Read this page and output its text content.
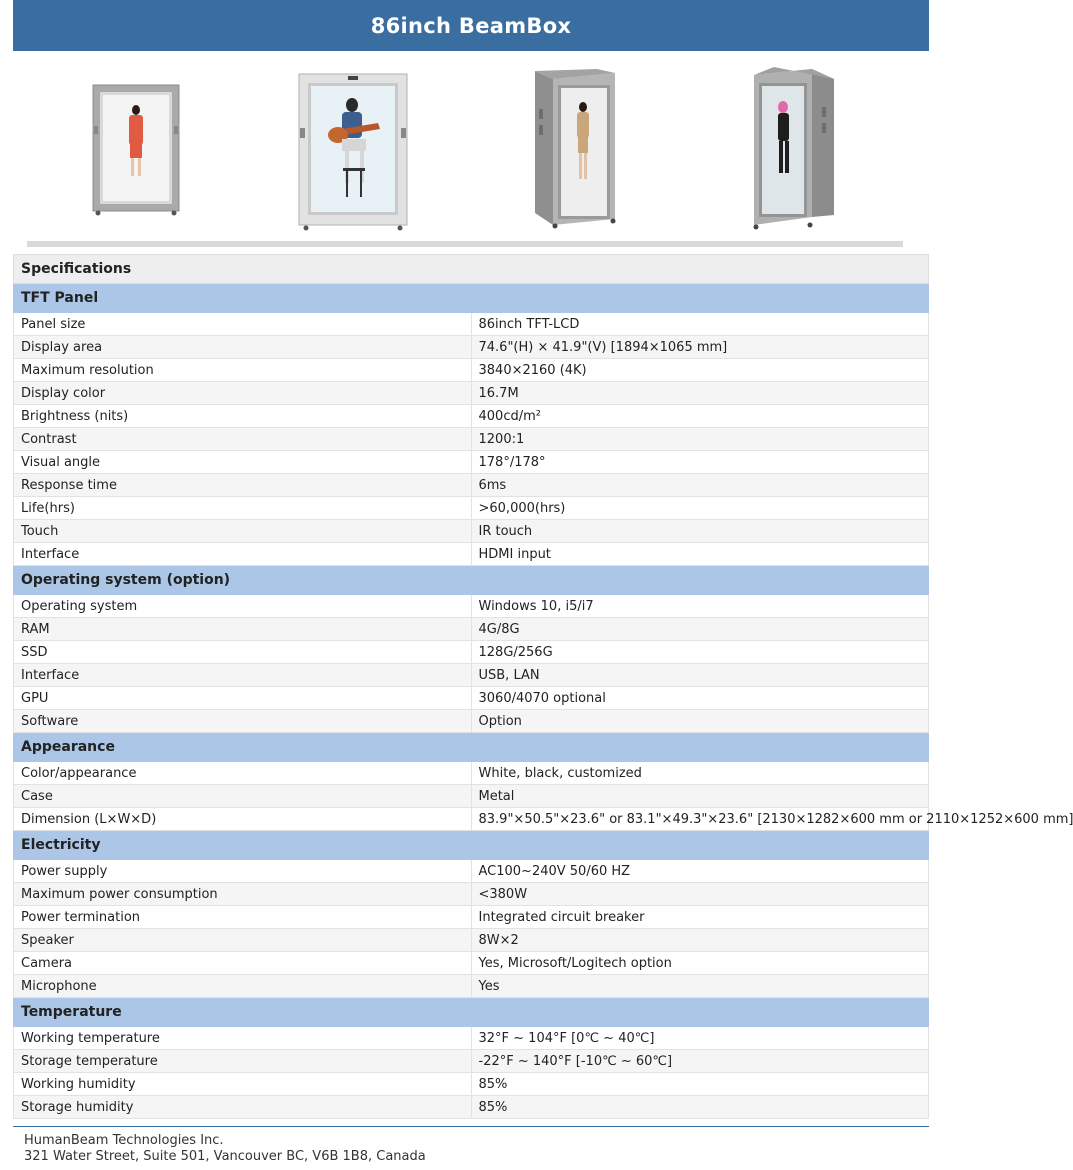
86inch BeamBox
Specifications	
TFT Panel	
Panel size	86inch TFT-LCD
Display area	74.6"(H) × 41.9"(V) [1894×1065 mm]
Maximum resolution	3840×2160 (4K)
Display color	16.7M
Brightness (nits)	400cd/m²
Contrast	1200:1
Visual angle	178°/178°
Response time	6ms
Life(hrs)	>60,000(hrs)
Touch	IR touch
Interface	HDMI input
Operating system (option)	
Operating system	Windows 10, i5/i7
RAM	4G/8G
SSD	128G/256G
Interface	USB, LAN
GPU	3060/4070 optional
Software	Option
Appearance	
Color/appearance	White, black, customized
Case	Metal
Dimension (L×W×D)	83.9"×50.5"×23.6" or 83.1"×49.3"×23.6" [2130×1282×600 mm or 2110×1252×600 mm]
Electricity	
Power supply	AC100~240V 50/60 HZ
Maximum power consumption	<380W
Power termination	Integrated circuit breaker
Speaker	8W×2
Camera	Yes, Microsoft/Logitech option
Microphone	Yes
Temperature	
Working temperature	32°F ~ 104°F [0℃ ~ 40℃]
Storage temperature	-22°F ~ 140°F [-10℃ ~ 60℃]
Working humidity	85%
Storage humidity	85%
HumanBeam Technologies Inc.
321 Water Street, Suite 501, Vancouver BC, V6B 1B8, Canada
